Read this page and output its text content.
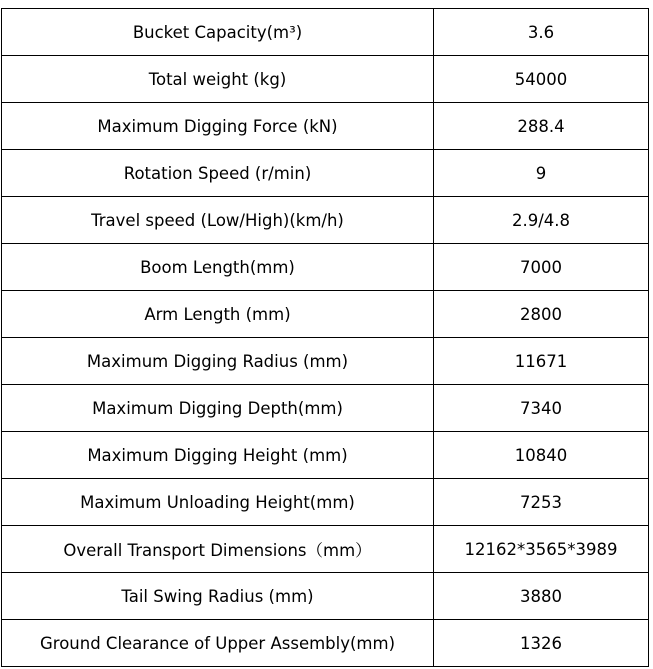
Bucket Capacity(m³)	3.6
Total weight (kg)	54000
Maximum Digging Force (kN)	288.4
Rotation Speed (r/min)	9
Travel speed (Low/High)(km/h)	2.9/4.8
Boom Length(mm)	7000
Arm Length (mm)	2800
Maximum Digging Radius (mm)	11671
Maximum Digging Depth(mm)	7340
Maximum Digging Height (mm)	10840
Maximum Unloading Height(mm)	7253
Overall Transport Dimensions（mm）	12162*3565*3989
Tail Swing Radius (mm)	3880
Ground Clearance of Upper Assembly(mm)	1326
